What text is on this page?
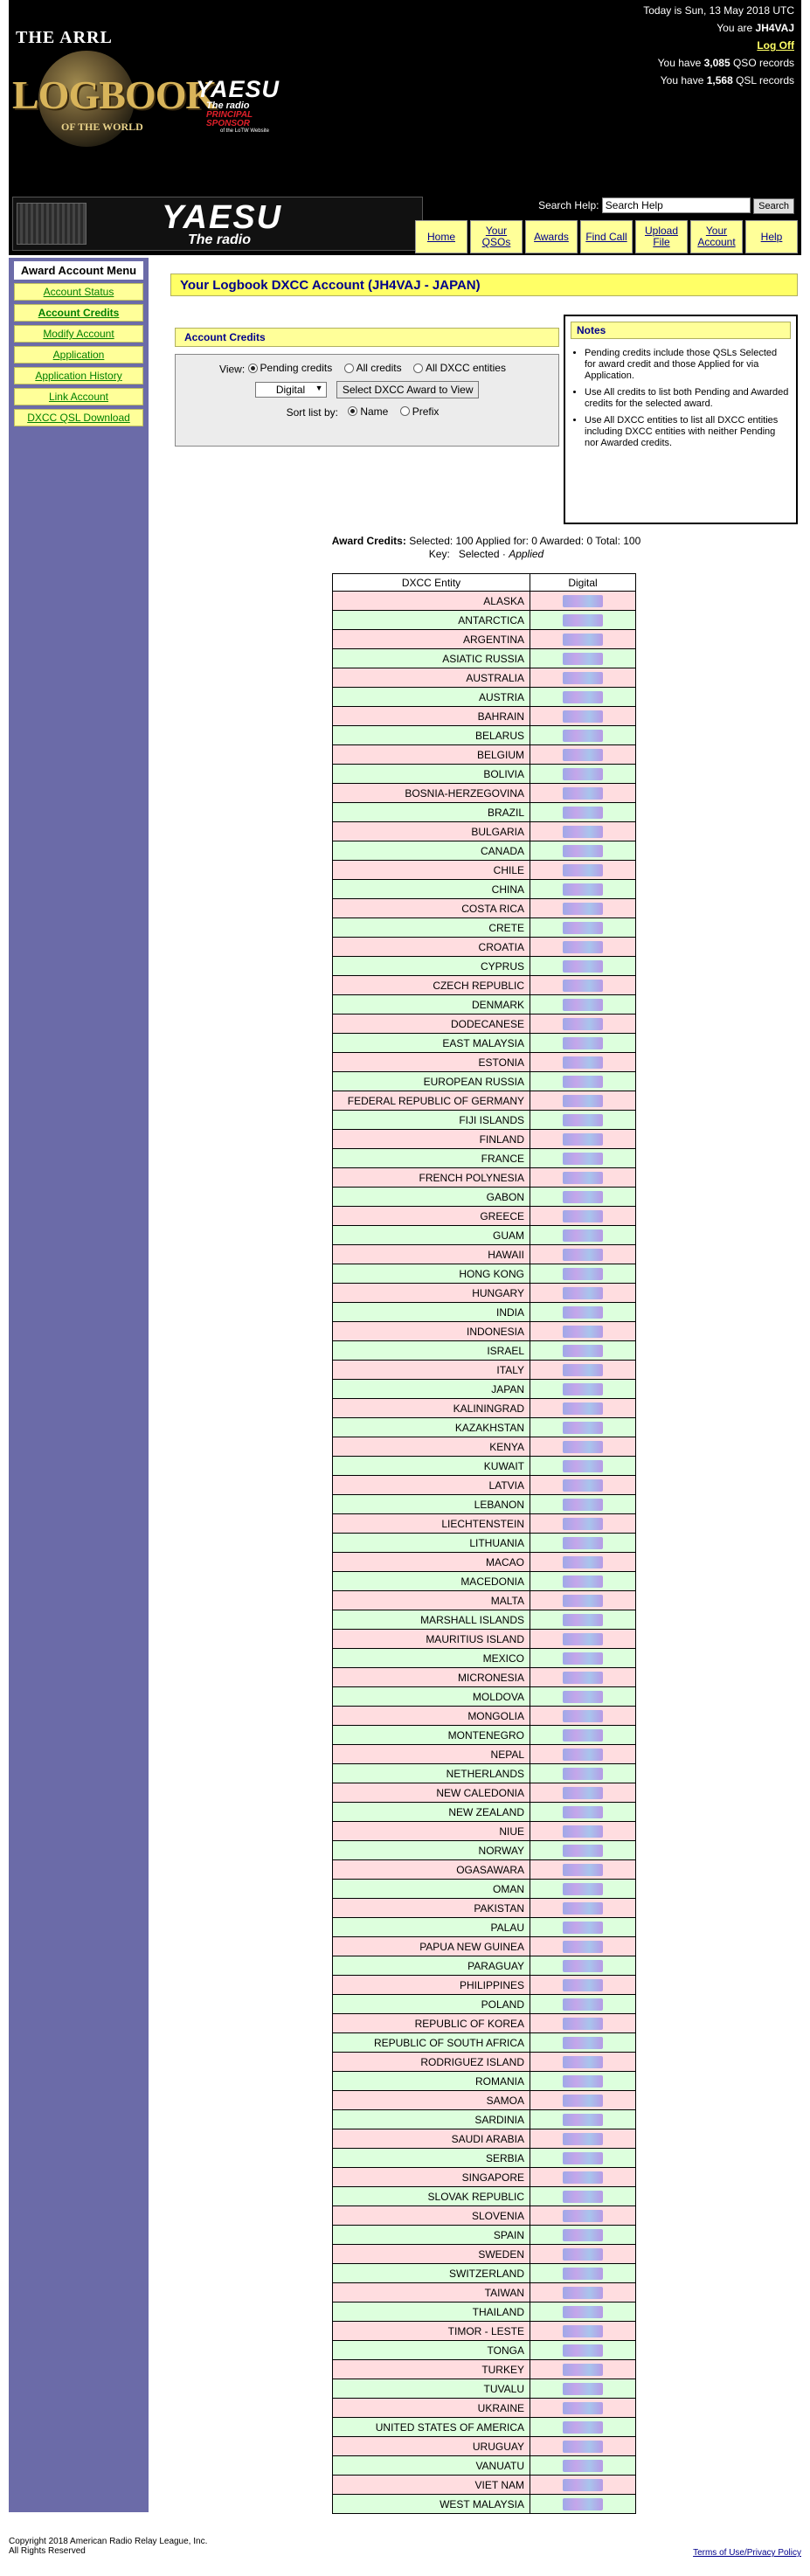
THE ARRL
LOGBOOK
OF THE WORLD
YAESU
The radio
PRINCIPAL
SPONSOR
of the LoTW Website
Today is Sun, 13 May 2018 UTC
You are JH4VAJ
Log Off
You have 3,085 QSO records
You have 1,568 QSL records
YAESU
The radio
Search Help: Search Help	Search
Home	Your QSOs	Awards	Find Call	Upload File
Your Account	Help
Award Account Menu
Account Status
Account Credits
Modify Account
Application
Application History
Link Account
DXCC QSL Download
Your Logbook DXCC Account (JH4VAJ - JAPAN)
Account Credits
View: Pending credits
All credits
All DXCC entities
Digital ▼ Select DXCC Award to View
Sort list by: Name
Prefix
Notes
• Pending credits include those QSLs Selected for award credit and those Applied for via Application.
• Use All credits to list both Pending and Awarded credits for the selected award.
• Use All DXCC entities to list all DXCC entities including DXCC entities with neither Pending nor Awarded credits.
Award Credits: Selected: 100 Applied for: 0 Awarded: 0 Total: 100
Key: Selected · Applied
DXCC Entity	Digital
ALASKA	
ANTARCTICA	
ARGENTINA	
ASIATIC RUSSIA	
AUSTRALIA	
AUSTRIA	
BAHRAIN	
BELARUS	
BELGIUM	
BOLIVIA	
BOSNIA-HERZEGOVINA	
BRAZIL	
BULGARIA	
CANADA	
CHILE	
CHINA	
COSTA RICA	
CRETE	
CROATIA	
CYPRUS	
CZECH REPUBLIC	
DENMARK	
DODECANESE	
EAST MALAYSIA	
ESTONIA	
EUROPEAN RUSSIA	
FEDERAL REPUBLIC OF GERMANY	
FIJI ISLANDS	
FINLAND	
FRANCE	
FRENCH POLYNESIA	
GABON	
GREECE	
GUAM	
HAWAII	
HONG KONG	
HUNGARY	
INDIA	
INDONESIA	
ISRAEL	
ITALY	
JAPAN	
KALININGRAD	
KAZAKHSTAN	
KENYA	
KUWAIT	
LATVIA	
LEBANON	
LIECHTENSTEIN	
LITHUANIA	
MACAO	
MACEDONIA	
MALTA	
MARSHALL ISLANDS	
MAURITIUS ISLAND	
MEXICO	
MICRONESIA	
MOLDOVA	
MONGOLIA	
MONTENEGRO	
NEPAL	
NETHERLANDS	
NEW CALEDONIA	
NEW ZEALAND	
NIUE	
NORWAY	
OGASAWARA	
OMAN	
PAKISTAN	
PALAU	
PAPUA NEW GUINEA	
PARAGUAY	
PHILIPPINES	
POLAND	
REPUBLIC OF KOREA	
REPUBLIC OF SOUTH AFRICA	
RODRIGUEZ ISLAND	
ROMANIA	
SAMOA	
SARDINIA	
SAUDI ARABIA	
SERBIA	
SINGAPORE	
SLOVAK REPUBLIC	
SLOVENIA	
SPAIN	
SWEDEN	
SWITZERLAND	
TAIWAN	
THAILAND	
TIMOR - LESTE	
TONGA	
TURKEY	
TUVALU	
UKRAINE	
UNITED STATES OF AMERICA	
URUGUAY	
VANUATU	
VIET NAM	
WEST MALAYSIA	
Copyright 2018 American Radio Relay League, Inc.
All Rights Reserved	Terms of Use/Privacy Policy
